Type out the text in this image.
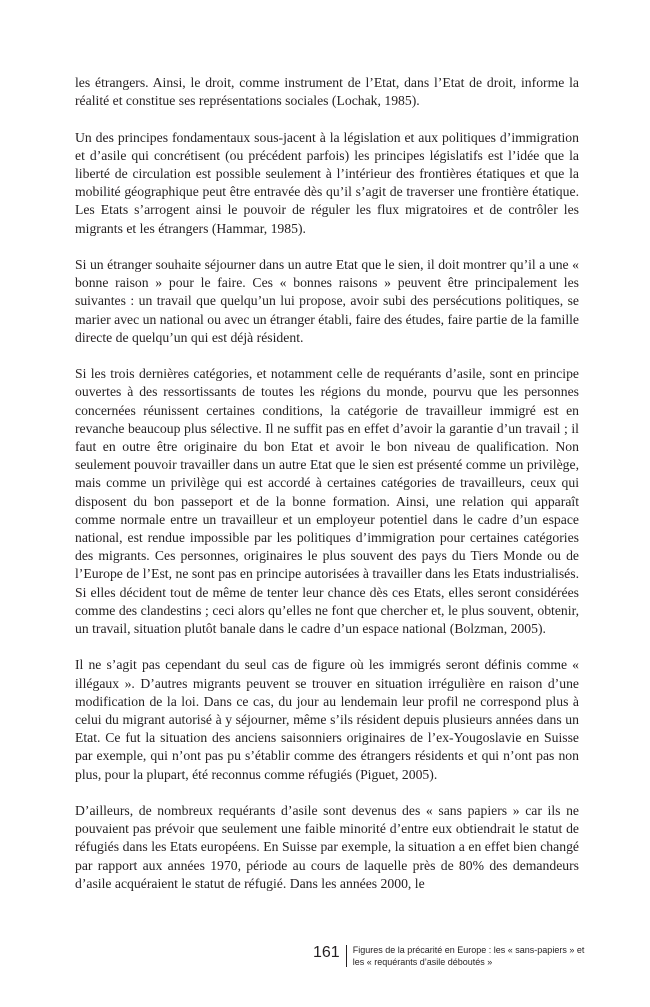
les étrangers. Ainsi, le droit, comme instrument de l’Etat, dans l’Etat de droit, informe la réalité et constitue ses représentations sociales (Lochak, 1985).

Un des principes fondamentaux sous-jacent à la législation et aux politiques d’immigration et d’asile qui concrétisent (ou précédent parfois) les principes législatifs est l’idée que la liberté de circulation est possible seulement à l’intérieur des frontières étatiques et que la mobilité géographique peut être entravée dès qu’il s’agit de traverser une frontière étatique. Les Etats s’arrogent ainsi le pouvoir de réguler les flux migratoires et de contrôler les migrants et les étrangers (Hammar, 1985).

Si un étranger souhaite séjourner dans un autre Etat que le sien, il doit montrer qu’il a une « bonne raison » pour le faire. Ces « bonnes raisons » peuvent être principalement les suivantes : un travail que quelqu’un lui propose, avoir subi des persécutions politiques, se marier avec un national ou avec un étranger établi, faire des études, faire partie de la famille directe de quelqu’un qui est déjà résident.

Si les trois dernières catégories, et notamment celle de requérants d’asile, sont en principe ouvertes à des ressortissants de toutes les régions du monde, pourvu que les personnes concernées réunissent certaines conditions, la catégorie de travailleur immigré est en revanche beaucoup plus sélective. Il ne suffit pas en effet d’avoir la garantie d’un travail ; il faut en outre être originaire du bon Etat et avoir le bon niveau de qualification. Non seulement pouvoir travailler dans un autre Etat que le sien est présenté comme un privilège, mais comme un privilège qui est accordé à certaines catégories de travailleurs, ceux qui disposent du bon passeport et de la bonne formation. Ainsi, une relation qui apparaît comme normale entre un travailleur et un employeur potentiel dans le cadre d’un espace national, est rendue impossible par les politiques d’immigration pour certaines catégories des migrants. Ces personnes, originaires le plus souvent des pays du Tiers Monde ou de l’Europe de l’Est, ne sont pas en principe autorisées à travailler dans les Etats industrialisés. Si elles décident tout de même de tenter leur chance dès ces Etats, elles seront considérées comme des clandestins ; ceci alors qu’elles ne font que chercher et, le plus souvent, obtenir, un travail, situation plutôt banale dans le cadre d’un espace national (Bolzman, 2005).

Il ne s’agit pas cependant du seul cas de figure où les immigrés seront définis comme « illégaux ». D’autres migrants peuvent se trouver en situation irrégulière en raison d’une modification de la loi. Dans ce cas, du jour au lendemain leur profil ne correspond plus à celui du migrant autorisé à y séjourner, même s’ils résident depuis plusieurs années dans un Etat. Ce fut la situation des anciens saisonniers originaires de l’ex-Yougoslavie en Suisse par exemple, qui n’ont pas pu s’établir comme des étrangers résidents et qui n’ont pas non plus, pour la plupart, été reconnus comme réfugiés (Piguet, 2005).

D’ailleurs, de nombreux requérants d’asile sont devenus des « sans papiers » car ils ne pouvaient pas prévoir que seulement une faible minorité d’entre eux obtiendrait le statut de réfugiés dans les Etats européens. En Suisse par exemple, la situation a en effet bien changé par rapport aux années 1970, période au cours de laquelle près de 80% des demandeurs d’asile acquéraient le statut de réfugié. Dans les années 2000, le

161	Figures de la précarité en Europe : les « sans-papiers » et
les « requérants d’asile déboutés »
